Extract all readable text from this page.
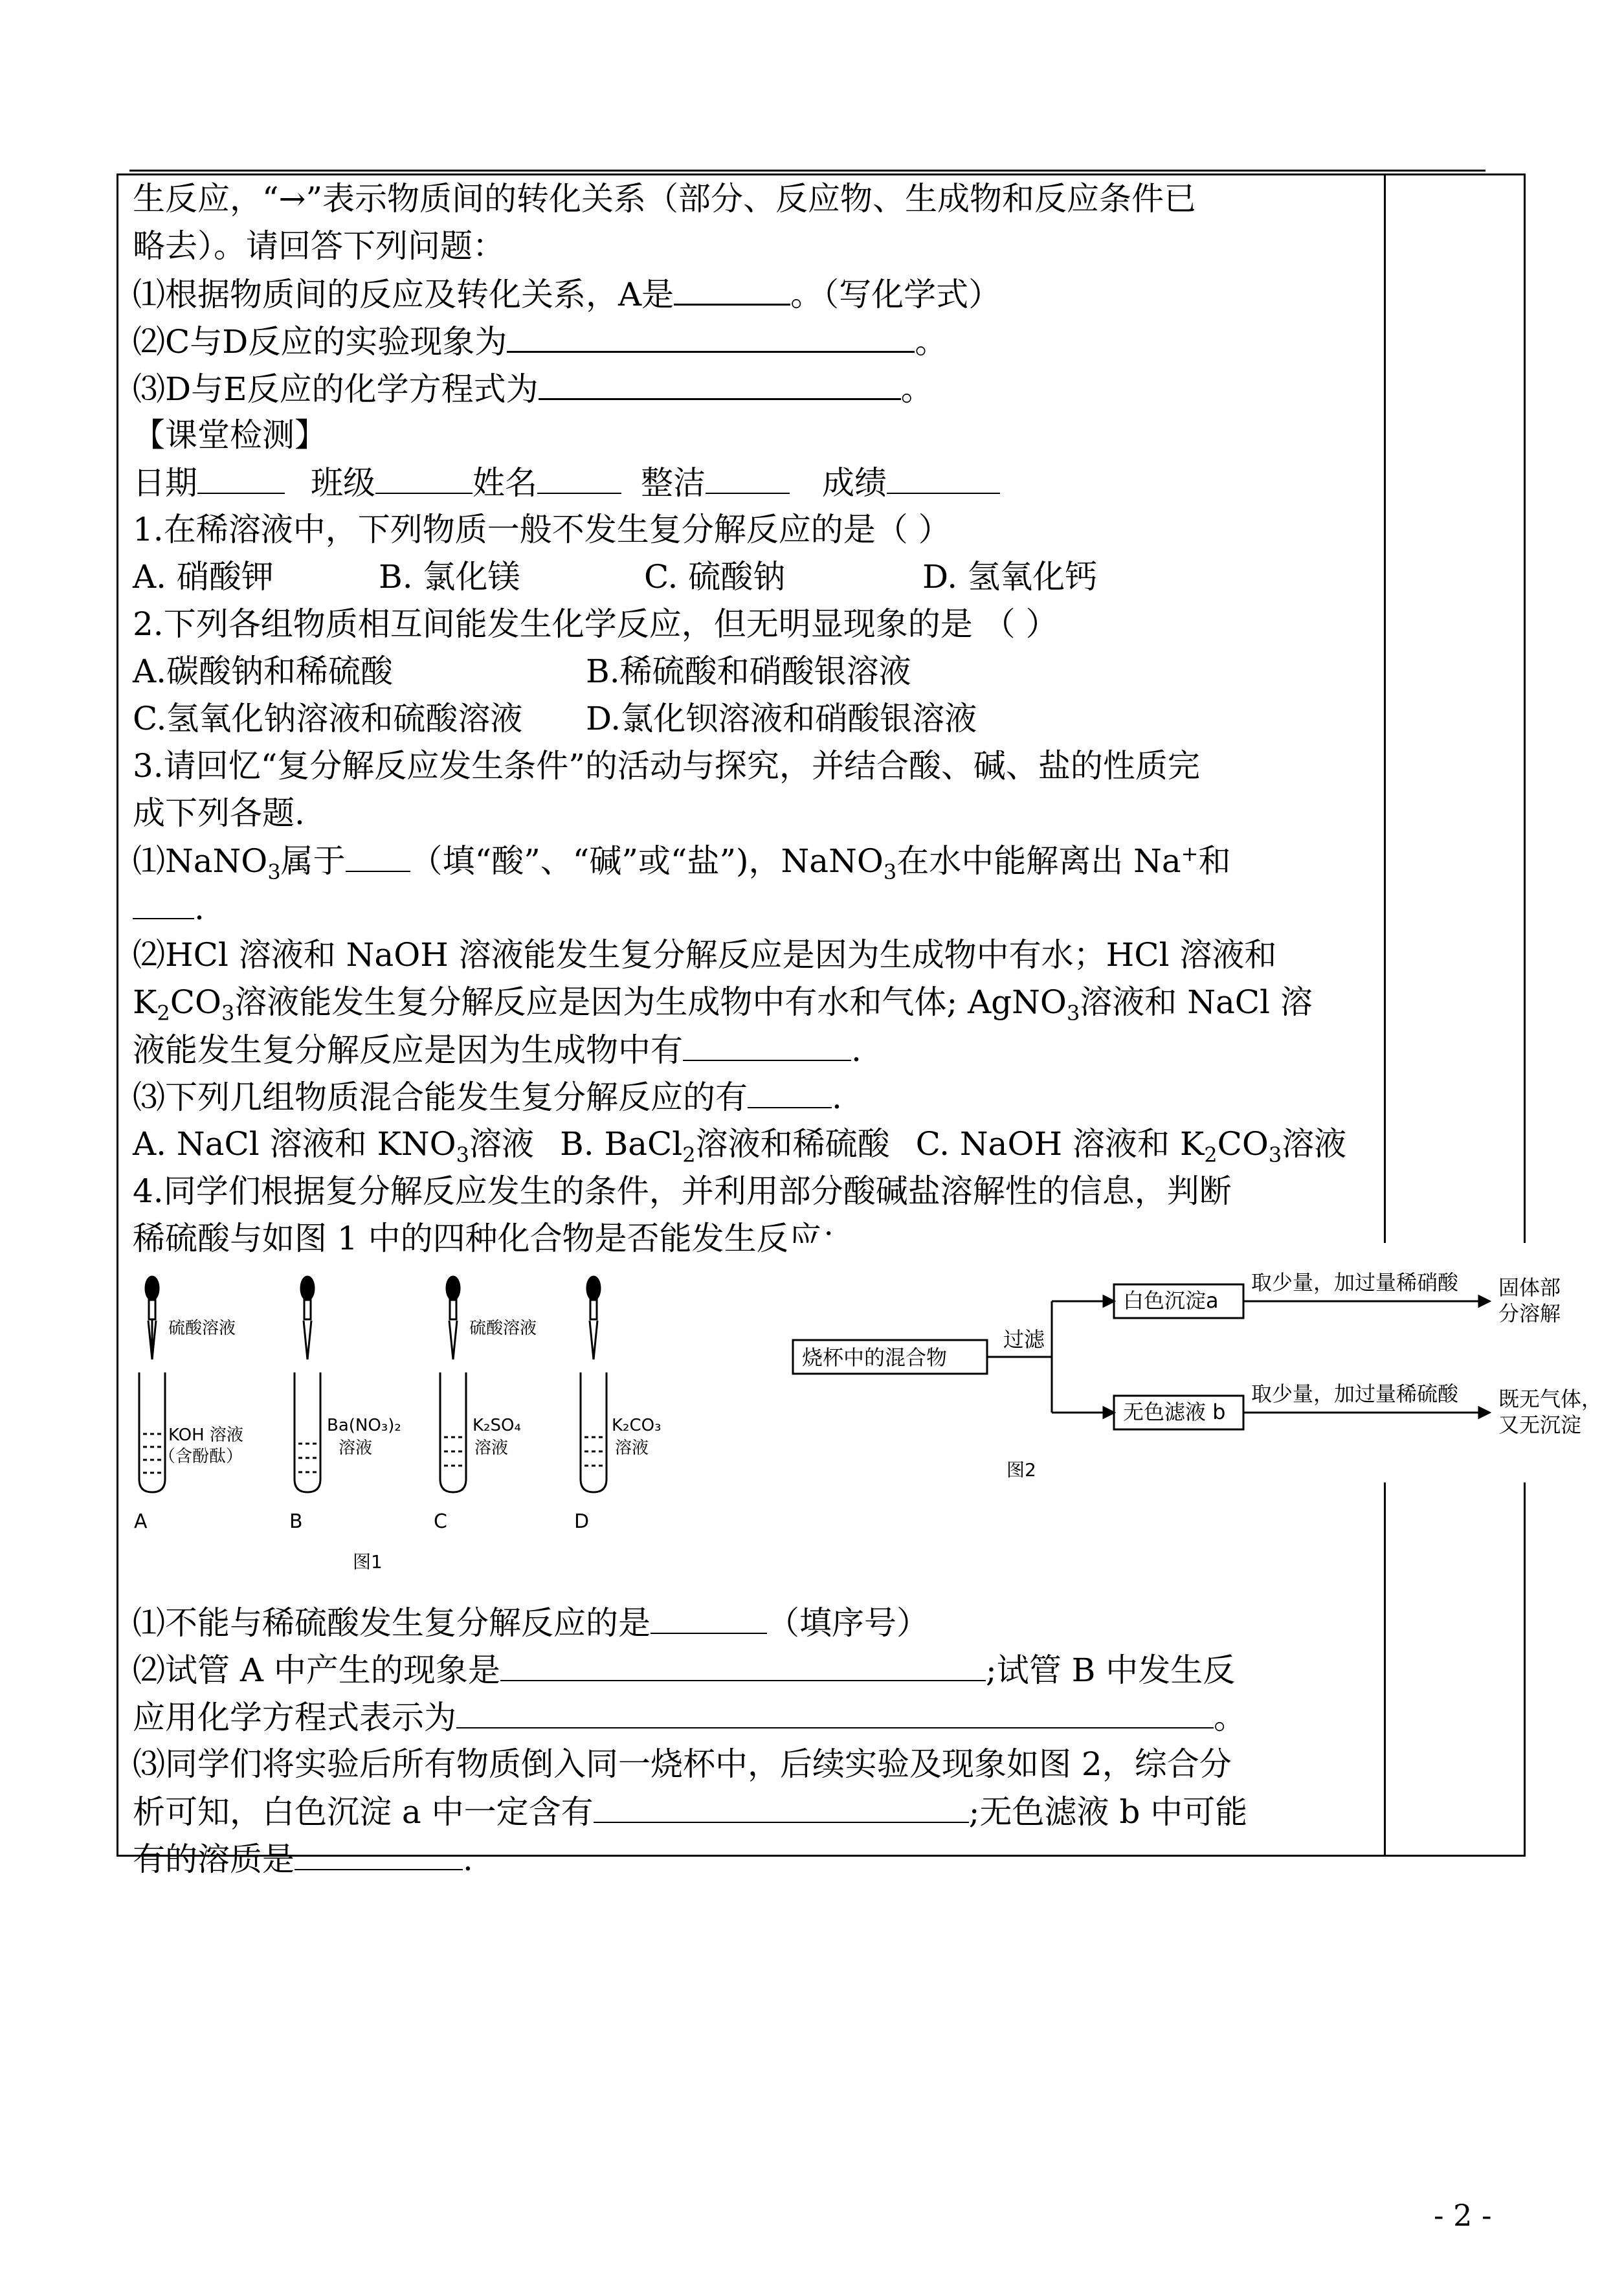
生反应，“→”表示物质间的转化关系（部分、反应物、生成物和反应条件已
略去）。请回答下列问题：
⑴根据物质间的反应及转化关系，A是	。（写化学式）
⑵C与D反应的实验现象为	。
⑶D与E反应的化学方程式为	。
【课堂检测】
日期	班级	姓名	整洁	成绩
1.在稀溶液中，下列物质一般不发生复分解反应的是（ ）
A. 硝酸钾	B. 氯化镁	C. 硫酸钠	D. 氢氧化钙
2.下列各组物质相互间能发生化学反应，但无明显现象的是 （ ）
A.碳酸钠和稀硫酸	B.稀硫酸和硝酸银溶液
C.氢氧化钠溶液和硫酸溶液 D.氯化钡溶液和硝酸银溶液
3.请回忆“复分解反应发生条件”的活动与探究，并结合酸、碱、盐的性质完
成下列各题.
⑴NaNO$_3$属于 （填“酸”、“碱”或“盐”)，NaNO$_3$在水中能解离出 Na+和
.
⑵HCl 溶液和 NaOH 溶液能发生复分解反应是因为生成物中有水；HCl 溶液和
$K_2CO_3$溶液能发生复分解反应是因为生成物中有水和气体; AgNO$_3$溶液和 NaCl 溶
液能发生复分解反应是因为生成物中有	.
⑶下列几组物质混合能发生复分解反应的有	.
A. NaCl 溶液和 $KNO_3$溶液 B. BaCl$_2$溶液和稀硫酸 C. NaOH 溶液和 $K_2CO_3$溶液
4.同学们根据复分解反应发生的条件，并利用部分酸碱盐溶解性的信息，判断
稀硫酸与如图 1 中的四种化合物是否能发生反应：
硫酸溶液	硫酸溶液
KOH 溶液
（含酚酞）
Ba(NO₃)₂
溶液
K₂SO₄
溶液
K₂CO₃
溶液
A	B	C	D
图1
烧杯中的混合物
过滤
白色沉淀a
无色滤液 b
取少量，加过量稀硝酸
取少量，加过量稀硫酸
固体部
分溶解
既无气体，
又无沉淀
图2
⑴不能与稀硫酸发生复分解反应的是	（填序号）
⑵试管 A 中产生的现象是	;试管 B 中发生反
应用化学方程式表示为	。
⑶同学们将实验后所有物质倒入同一烧杯中，后续实验及现象如图 2，综合分
析可知，白色沉淀 a 中一定含有	;无色滤液 b 中可能
有的溶质是	.
- 2 -
